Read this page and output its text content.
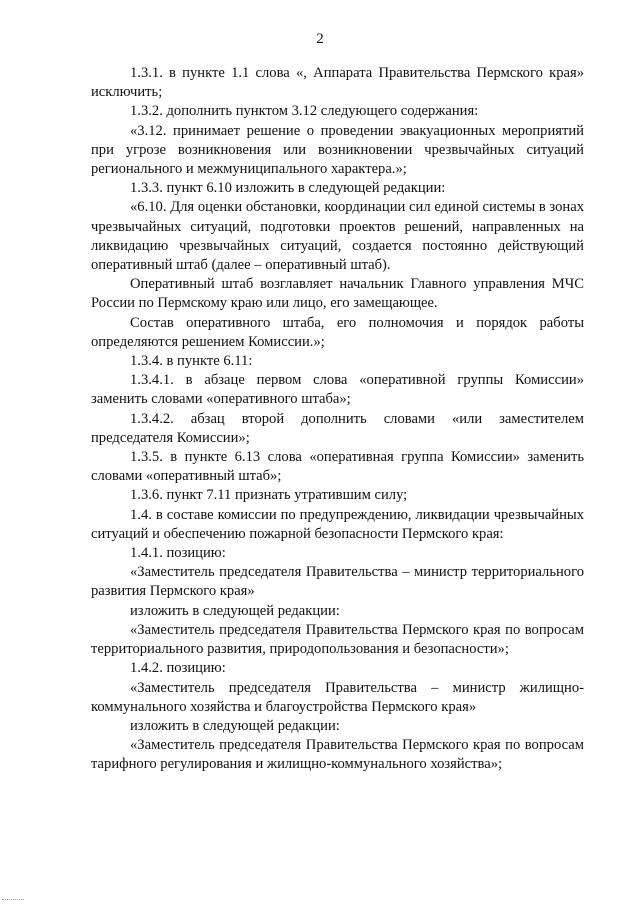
2

1.3.1. в пункте 1.1 слова «, Аппарата Правительства Пермского края» исключить;

1.3.2. дополнить пунктом 3.12 следующего содержания:

«3.12. принимает решение о проведении эвакуационных мероприятий при угрозе возникновения или возникновении чрезвычайных ситуаций регионального и межмуниципального характера.»;

1.3.3. пункт 6.10 изложить в следующей редакции:

«6.10. Для оценки обстановки, координации сил единой системы в зонах чрезвычайных ситуаций, подготовки проектов решений, направленных на ликвидацию чрезвычайных ситуаций, создается постоянно действующий оперативный штаб (далее – оперативный штаб).

Оперативный штаб возглавляет начальник Главного управления МЧС России по Пермскому краю или лицо, его замещающее.

Состав оперативного штаба, его полномочия и порядок работы определяются решением Комиссии.»;

1.3.4. в пункте 6.11:

1.3.4.1. в абзаце первом слова «оперативной группы Комиссии» заменить словами «оперативного штаба»;

1.3.4.2. абзац второй дополнить словами «или заместителем председателя Комиссии»;

1.3.5. в пункте 6.13 слова «оперативная группа Комиссии» заменить словами «оперативный штаб»;

1.3.6. пункт 7.11 признать утратившим силу;

1.4. в составе комиссии по предупреждению, ликвидации чрезвычайных ситуаций и обеспечению пожарной безопасности Пермского края:

1.4.1. позицию:

«Заместитель председателя Правительства – министр территориального развития Пермского края»

изложить в следующей редакции:

«Заместитель председателя Правительства Пермского края по вопросам территориального развития, природопользования и безопасности»;

1.4.2. позицию:

«Заместитель председателя Правительства – министр жилищно-коммунального хозяйства и благоустройства Пермского края»

изложить в следующей редакции:

«Заместитель председателя Правительства Пермского края по вопросам тарифного регулирования и жилищно-коммунального хозяйства»;
